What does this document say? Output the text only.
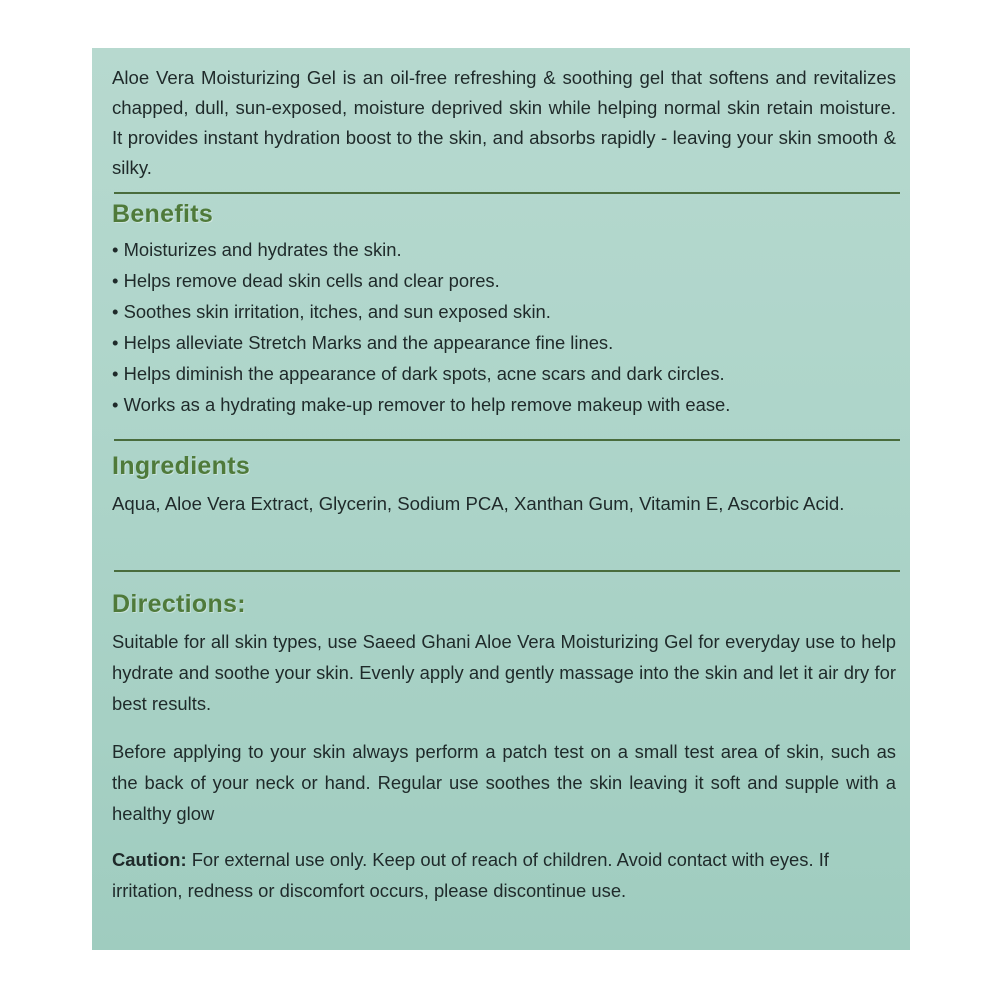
Aloe Vera Moisturizing Gel is an oil-free refreshing & soothing gel that softens and revitalizes chapped, dull, sun-exposed, moisture deprived skin while helping normal skin retain moisture. It provides instant hydration boost to the skin, and absorbs rapidly - leaving your skin smooth & silky.
Benefits
• Moisturizes and hydrates the skin.
• Helps remove dead skin cells and clear pores.
• Soothes skin irritation, itches, and sun exposed skin.
• Helps alleviate Stretch Marks and the appearance fine lines.
• Helps diminish the appearance of dark spots, acne scars and dark circles.
• Works as a hydrating make-up remover to help remove makeup with ease.
Ingredients
Aqua, Aloe Vera Extract, Glycerin, Sodium PCA, Xanthan Gum, Vitamin E, Ascorbic Acid.
Directions:
Suitable for all skin types, use Saeed Ghani Aloe Vera Moisturizing Gel for everyday use to help hydrate and soothe your skin. Evenly apply and gently massage into the skin and let it air dry for best results.
Before applying to your skin always perform a patch test on a small test area of skin, such as the back of your neck or hand. Regular use soothes the skin leaving it soft and supple with a healthy glow
Caution: For external use only. Keep out of reach of children. Avoid contact with eyes. If irritation, redness or discomfort occurs, please discontinue use.
